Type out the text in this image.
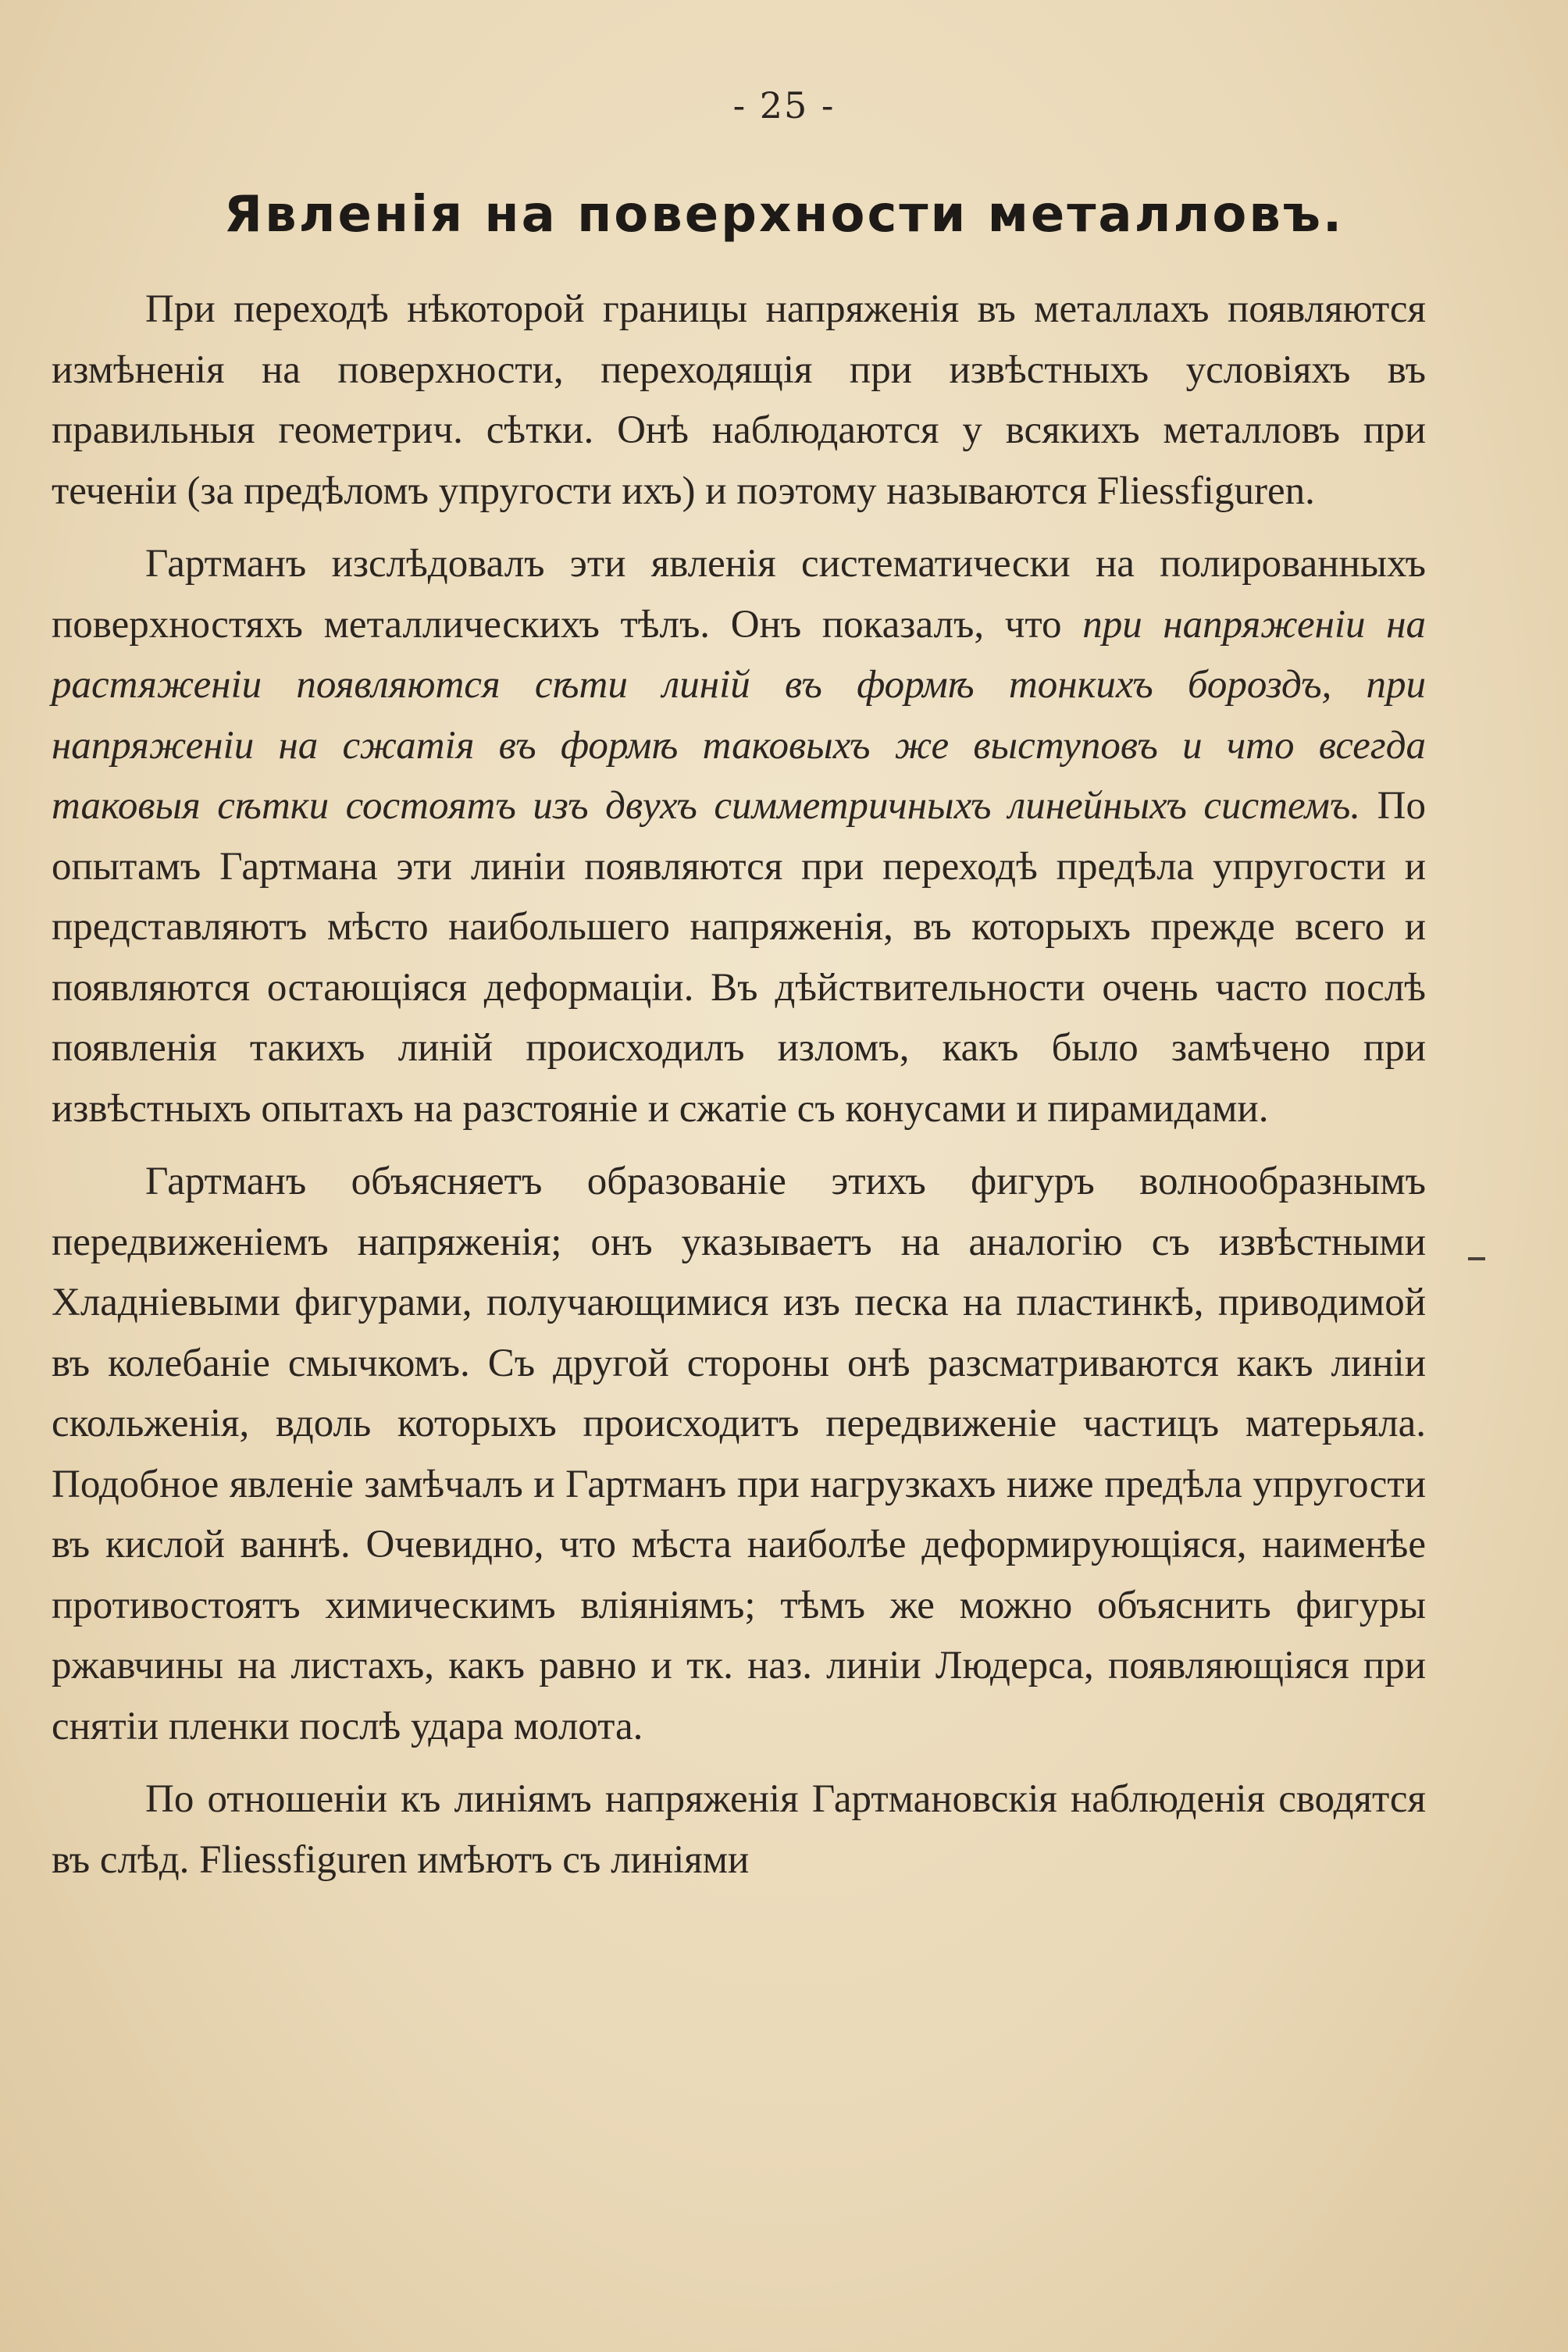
- 25 -
Явленія на поверхности металловъ.

При переходѣ нѣкоторой границы напряженія въ металлахъ появляются измѣненія на поверхности, переходящія при извѣстныхъ условіяхъ въ правильныя геометрич. сѣтки. Онѣ наблюдаются у всякихъ металловъ при теченіи (за предѣломъ упругости ихъ) и поэтому называются Fliessfiguren.

Гартманъ изслѣдовалъ эти явленія систематически на полированныхъ поверхностяхъ металлическихъ тѣлъ. Онъ показалъ, что при напряженіи на растяженіи появляются сѣти линій въ формѣ тонкихъ бороздъ, при напряженіи на сжатія въ формѣ таковыхъ же выступовъ и что всегда таковыя сѣтки состоятъ изъ двухъ симметричныхъ линейныхъ системъ. По опытамъ Гартмана эти линіи появляются при переходѣ предѣла упругости и представляютъ мѣсто наибольшего напряженія, въ которыхъ прежде всего и появляются остающіяся деформаціи. Въ дѣйствительности очень часто послѣ появленія такихъ линій происходилъ изломъ, какъ было замѣчено при извѣстныхъ опытахъ на разстояніе и сжатіе съ конусами и пирамидами.

Гартманъ объясняетъ образованіе этихъ фигуръ волнообразнымъ передвиженіемъ напряженія; онъ указываетъ на аналогію съ извѣстными Хладніевыми фигурами, получающимися изъ песка на пластинкѣ, приводимой въ колебаніе смычкомъ. Съ другой стороны онѣ разсматриваются какъ линіи скольженія, вдоль которыхъ происходитъ передвиженіе частицъ матерьяла. Подобное явленіе замѣчалъ и Гартманъ при нагрузкахъ ниже предѣла упругости въ кислой ваннѣ. Очевидно, что мѣста наиболѣе деформирующіяся, наименѣе противостоятъ химическимъ вліяніямъ; тѣмъ же можно объяснить фигуры ржавчины на листахъ, какъ равно и тк. наз. линіи Людерса, появляющіяся при снятіи пленки послѣ удара молота.

По отношеніи къ линіямъ напряженія Гартмановскія наблюденія сводятся въ слѣд. Fliessfiguren имѣютъ съ линіями
